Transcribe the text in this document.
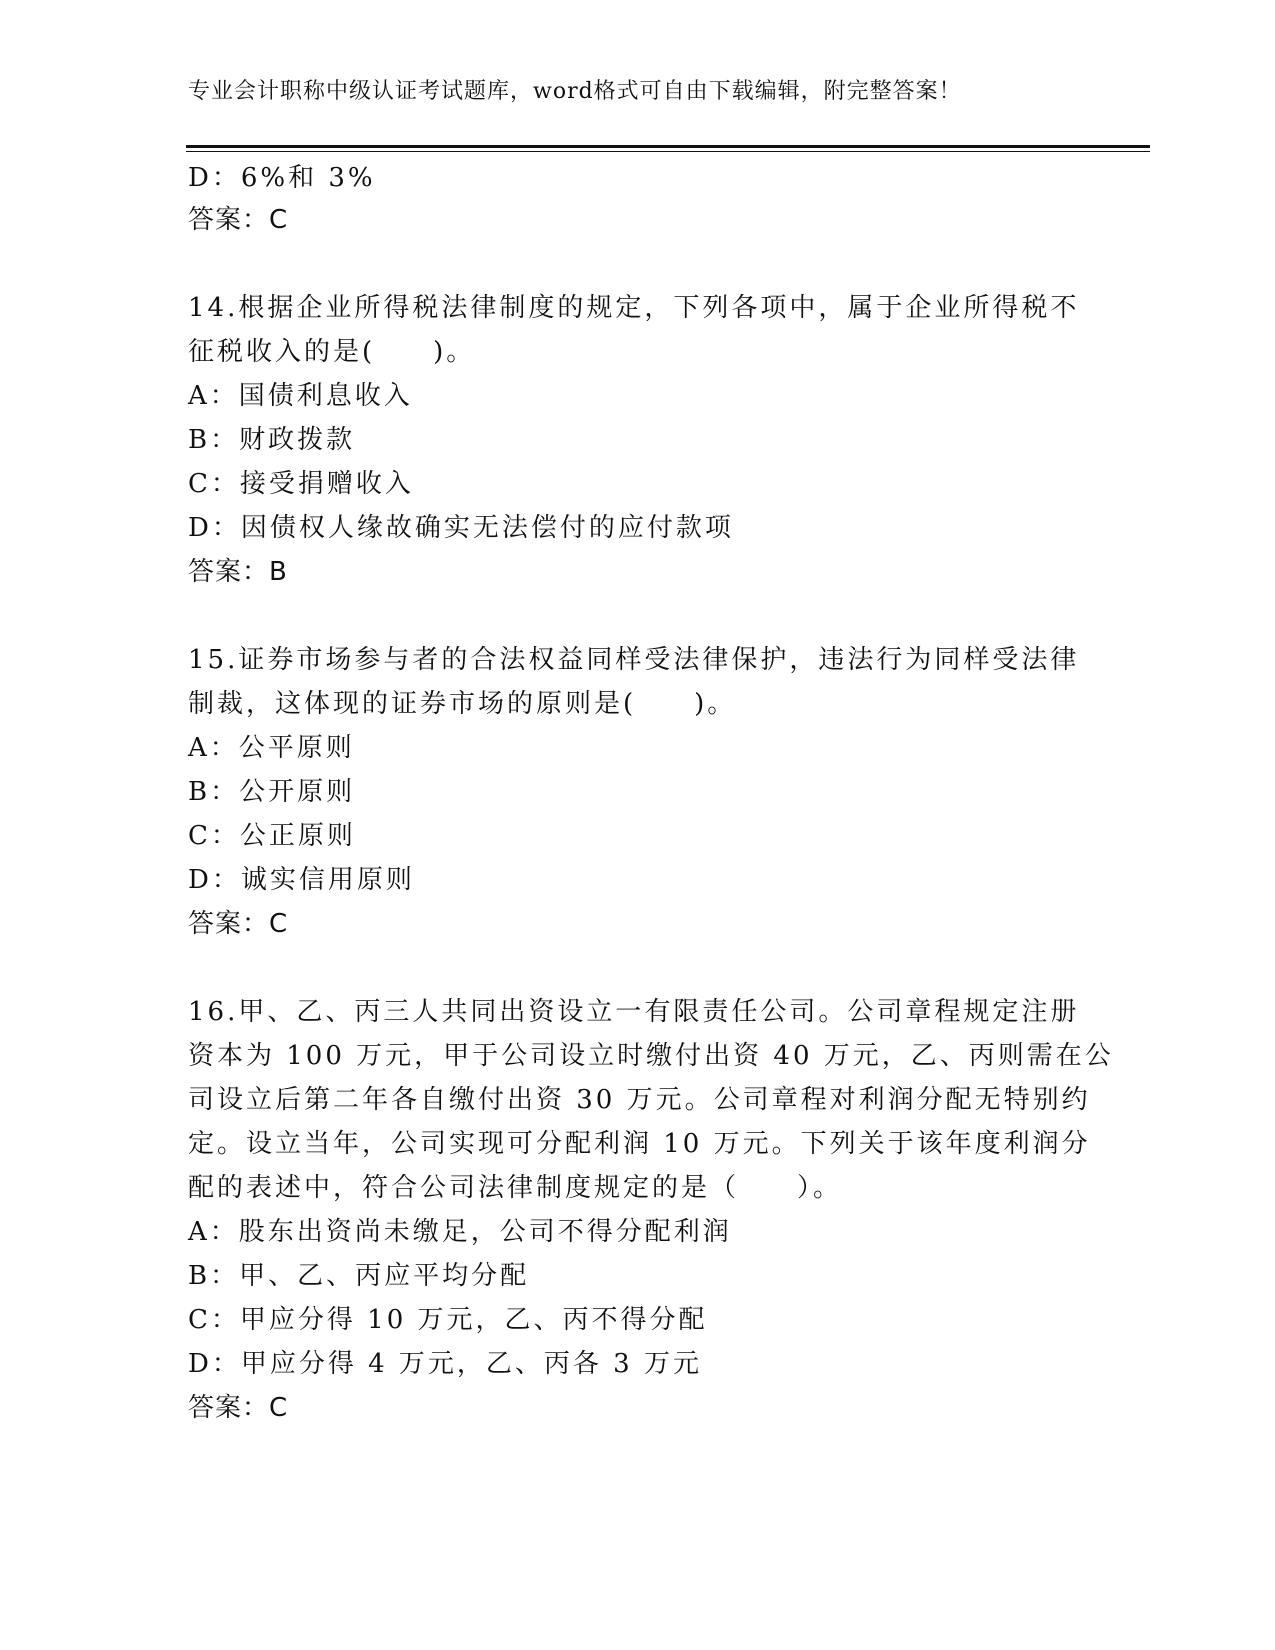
专业会计职称中级认证考试题库，word格式可自由下载编辑，附完整答案！
D：6%和 3%
答案：C
14.根据企业所得税法律制度的规定，下列各项中，属于企业所得税不
征税收入的是(　　)。
A：国债利息收入
B：财政拨款
C：接受捐赠收入
D：因债权人缘故确实无法偿付的应付款项
答案：B
15.证券市场参与者的合法权益同样受法律保护，违法行为同样受法律
制裁，这体现的证券市场的原则是(　　)。
A：公平原则
B：公开原则
C：公正原则
D：诚实信用原则
答案：C
16.甲、乙、丙三人共同出资设立一有限责任公司。公司章程规定注册
资本为 100 万元，甲于公司设立时缴付出资 40 万元，乙、丙则需在公
司设立后第二年各自缴付出资 30 万元。公司章程对利润分配无特别约
定。设立当年，公司实现可分配利润 10 万元。下列关于该年度利润分
配的表述中，符合公司法律制度规定的是（　　）。
A：股东出资尚未缴足，公司不得分配利润
B：甲、乙、丙应平均分配
C：甲应分得 10 万元，乙、丙不得分配
D：甲应分得 4 万元，乙、丙各 3 万元
答案：C
